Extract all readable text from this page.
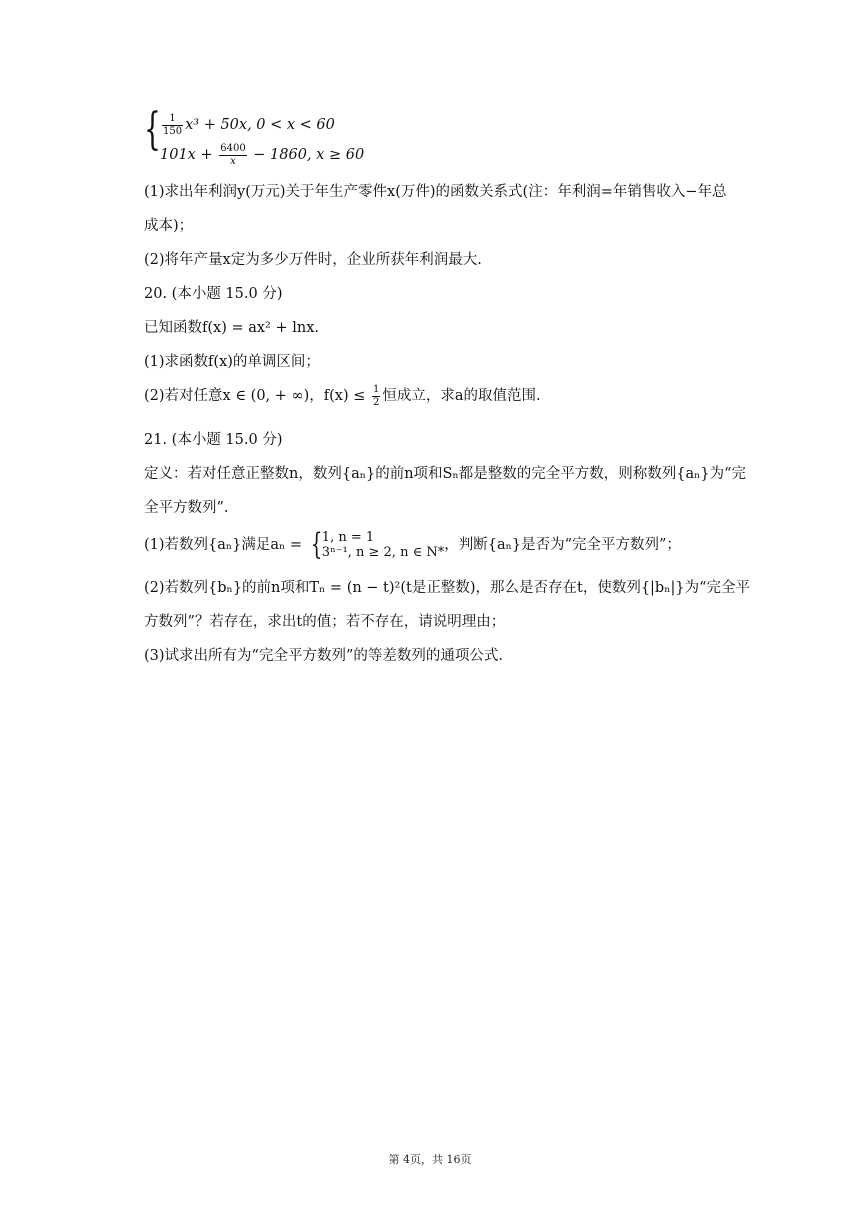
{ $\frac{1}{150} x^3 + 50x$, 0 < x < 60
$101x + \frac{6400}{x} - 1860$, x ≥ 60
(1)求出年利润y(万元)关于年生产零件x(万件)的函数关系式(注：年利润=年销售收入−年总
成本)；
(2)将年产量x定为多少万件时，企业所获年利润最大.
20. (本小题 15.0 分)
已知函数f(x) = ax² + lnx.
(1)求函数f(x)的单调区间；
(2)若对任意x ∈ (0, + ∞)，$f(x) \le \frac{1}{2}$ 恒成立，求a的取值范围.
21. (本小题 15.0 分)
定义：若对任意正整数n，数列{aₙ}的前n项和Sₙ都是整数的完全平方数，则称数列{aₙ}为“完
全平方数列”.
(1)若数列{aₙ}满足aₙ = { 1, n = 1
3ⁿ⁻¹, n ≥ 2, n ∈ N* ，判断{aₙ}是否为“完全平方数列”；
(2)若数列{bₙ}的前n项和Tₙ = (n − t)²(t是正整数)，那么是否存在t，使数列{|bₙ|}为“完全平
方数列”？若存在，求出t的值；若不存在，请说明理由；
(3)试求出所有为“完全平方数列”的等差数列的通项公式.
第 4页，共 16页
